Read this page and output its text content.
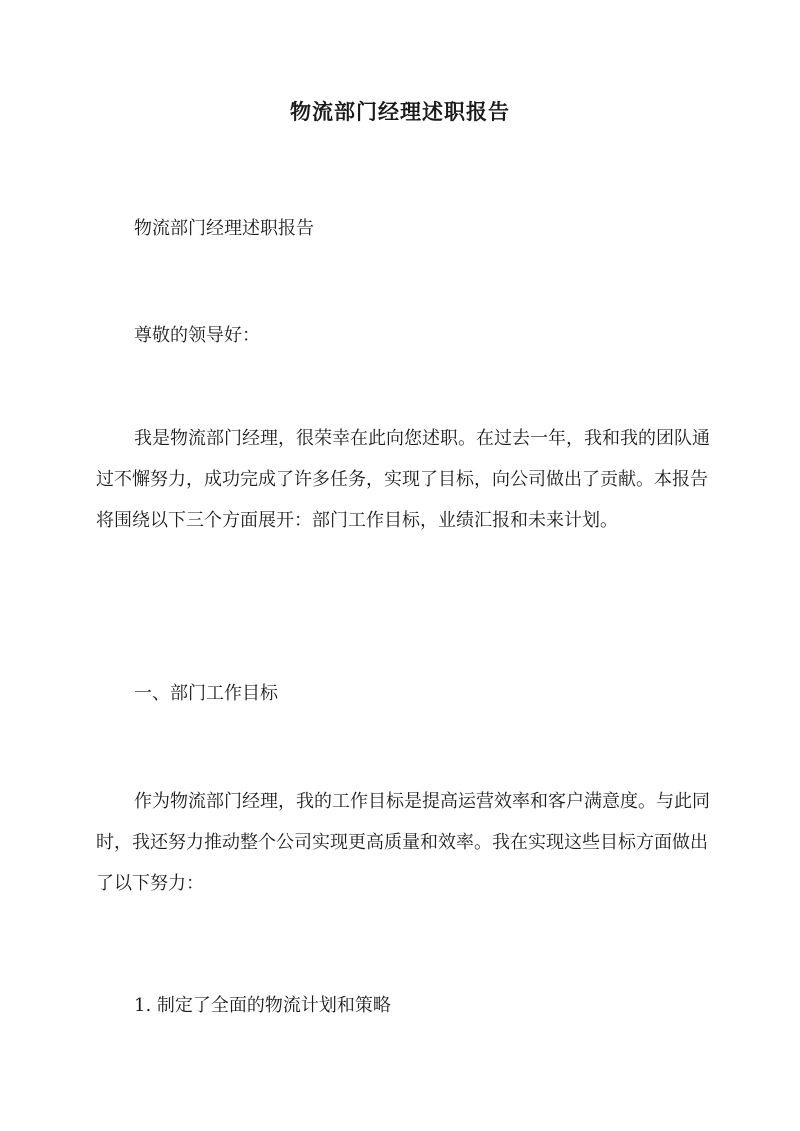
物流部门经理述职报告

物流部门经理述职报告

尊敬的领导好：

我是物流部门经理，很荣幸在此向您述职。在过去一年，我和我的团队通过不懈努力，成功完成了许多任务，实现了目标，向公司做出了贡献。本报告将围绕以下三个方面展开：部门工作目标，业绩汇报和未来计划。

一、部门工作目标

作为物流部门经理，我的工作目标是提高运营效率和客户满意度。与此同时，我还努力推动整个公司实现更高质量和效率。我在实现这些目标方面做出了以下努力：

1. 制定了全面的物流计划和策略
